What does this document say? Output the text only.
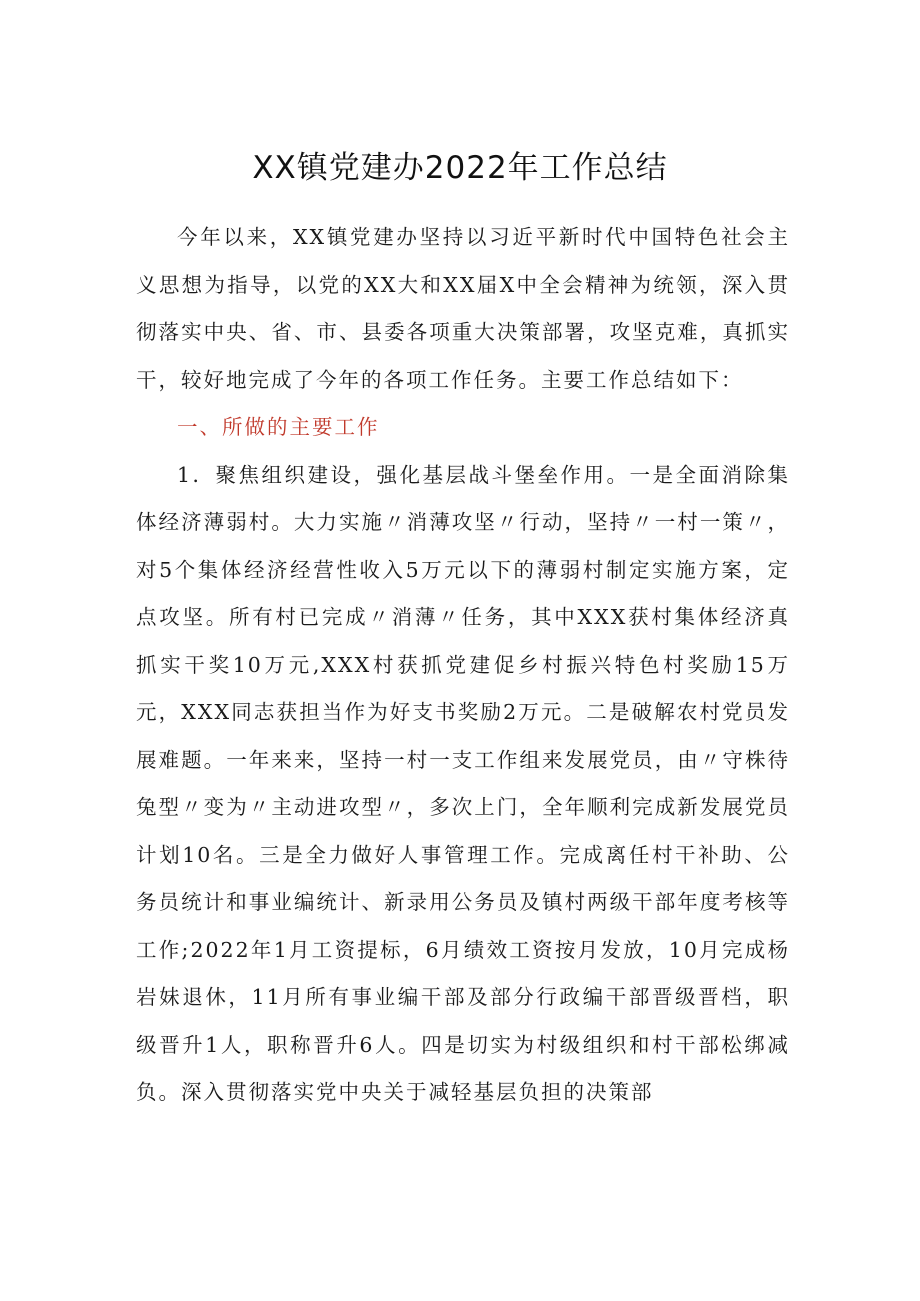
XX镇党建办2022年工作总结

今年以来，XX镇党建办坚持以习近平新时代中国特色社会主义思想为指导，以党的XX大和XX届X中全会精神为统领，深入贯彻落实中央、省、市、县委各项重大决策部署，攻坚克难，真抓实干，较好地完成了今年的各项工作任务。主要工作总结如下：

一、所做的主要工作

1．聚焦组织建设，强化基层战斗堡垒作用。一是全面消除集体经济薄弱村。大力实施〃消薄攻坚〃行动，坚持〃一村一策〃，对5个集体经济经营性收入5万元以下的薄弱村制定实施方案，定点攻坚。所有村已完成〃消薄〃任务，其中XXX获村集体经济真抓实干奖10万元,XXX村获抓党建促乡村振兴特色村奖励15万元，XXX同志获担当作为好支书奖励2万元。二是破解农村党员发展难题。一年来来，坚持一村一支工作组来发展党员，由〃守株待兔型〃变为〃主动进攻型〃，多次上门，全年顺利完成新发展党员计划10名。三是全力做好人事管理工作。完成离任村干补助、公务员统计和事业编统计、新录用公务员及镇村两级干部年度考核等工作;2022年1月工资提标，6月绩效工资按月发放，10月完成杨岩妹退休，11月所有事业编干部及部分行政编干部晋级晋档，职级晋升1人，职称晋升6人。四是切实为村级组织和村干部松绑减负。深入贯彻落实党中央关于减轻基层负担的决策部
